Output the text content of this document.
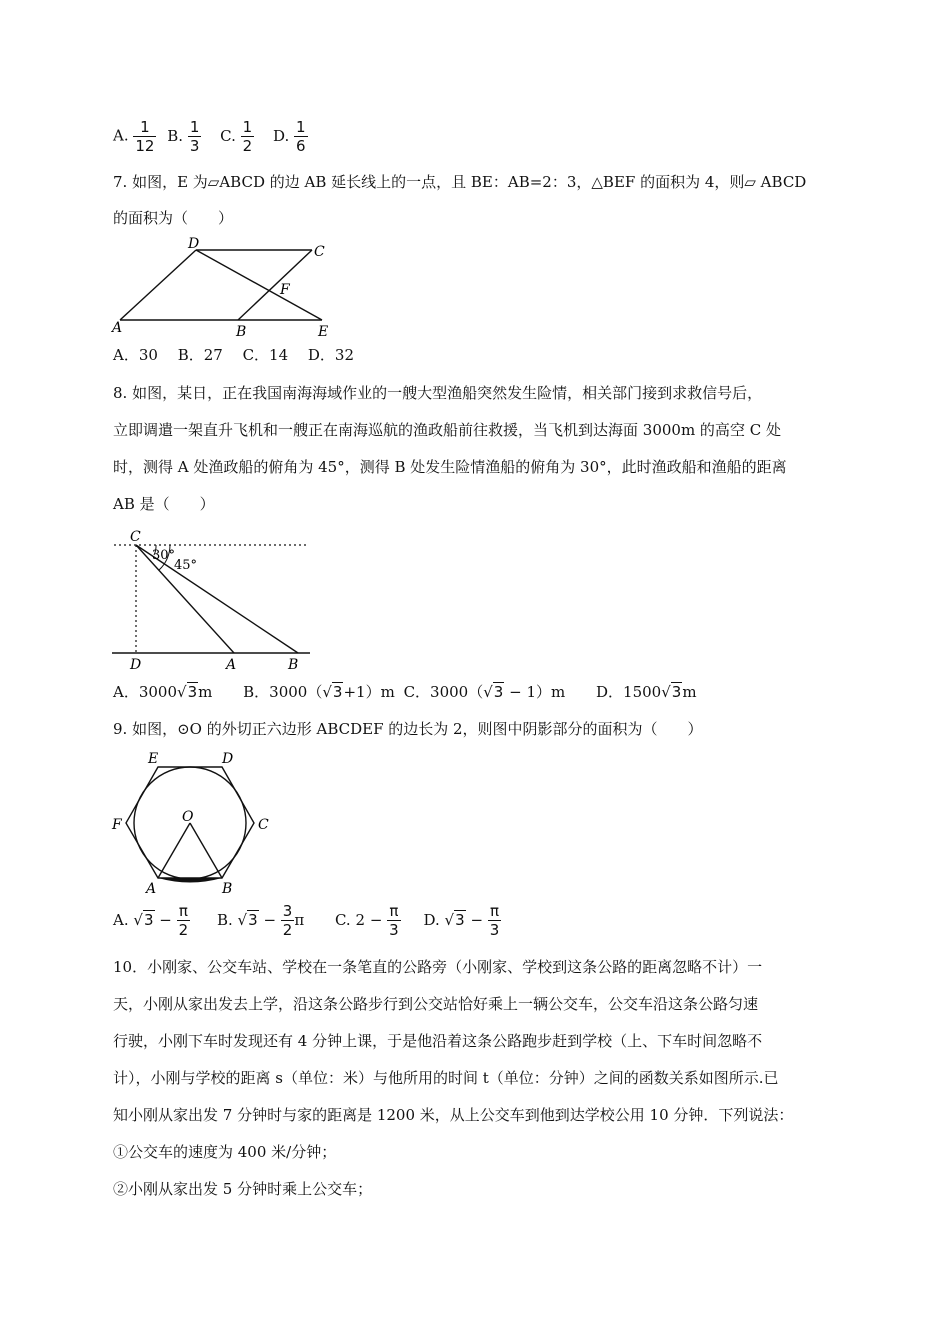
A. $\frac{1}{12} B$. $\frac{1}{3} C$. $\frac{1}{2} D$. $\frac{1}{6}$
7. 如图，E 为▱ABCD 的边 AB 延长线上的一点，且 BE：AB=2：3，△BEF 的面积为 4，则▱ ABCD
的面积为（　　）
D	C
F
A	B	E
A．30　 B．27　 C．14　 D．32
8. 如图，某日，正在我国南海海域作业的一艘大型渔船突然发生险情，相关部门接到求救信号后，
立即调遣一架直升飞机和一艘正在南海巡航的渔政船前往救援，当飞机到达海面 3000m 的高空 C 处
时，测得 A 处渔政船的俯角为 45°，测得 B 处发生险情渔船的俯角为 30°，此时渔政船和渔船的距离
AB 是（　　）
C
30°
45°
D	A	B
A．3000√3m B．3000（√3+1）m C．3000（√3 − 1）m D．1500√3m
9. 如图，⊙O 的外切正六边形 ABCDEF 的边长为 2，则图中阴影部分的面积为（　　）
E	D
F	C
O
A	B
A. $√3 - \frac{\pi}{2} B$. $√3 - \frac{3}{2}$ π C. $2 - \frac{\pi}{3} D$. $√3 - \frac{\pi}{3}$
10．小刚家、公交车站、学校在一条笔直的公路旁（小刚家、学校到这条公路的距离忽略不计）一
天，小刚从家出发去上学，沿这条公路步行到公交站恰好乘上一辆公交车，公交车沿这条公路匀速
行驶，小刚下车时发现还有 4 分钟上课，于是他沿着这条公路跑步赶到学校（上、下车时间忽略不
计），小刚与学校的距离 s（单位：米）与他所用的时间 t（单位：分钟）之间的函数关系如图所示.已
知小刚从家出发 7 分钟时与家的距离是 1200 米，从上公交车到他到达学校公用 10 分钟．下列说法：
①公交车的速度为 400 米/分钟；
②小刚从家出发 5 分钟时乘上公交车；
